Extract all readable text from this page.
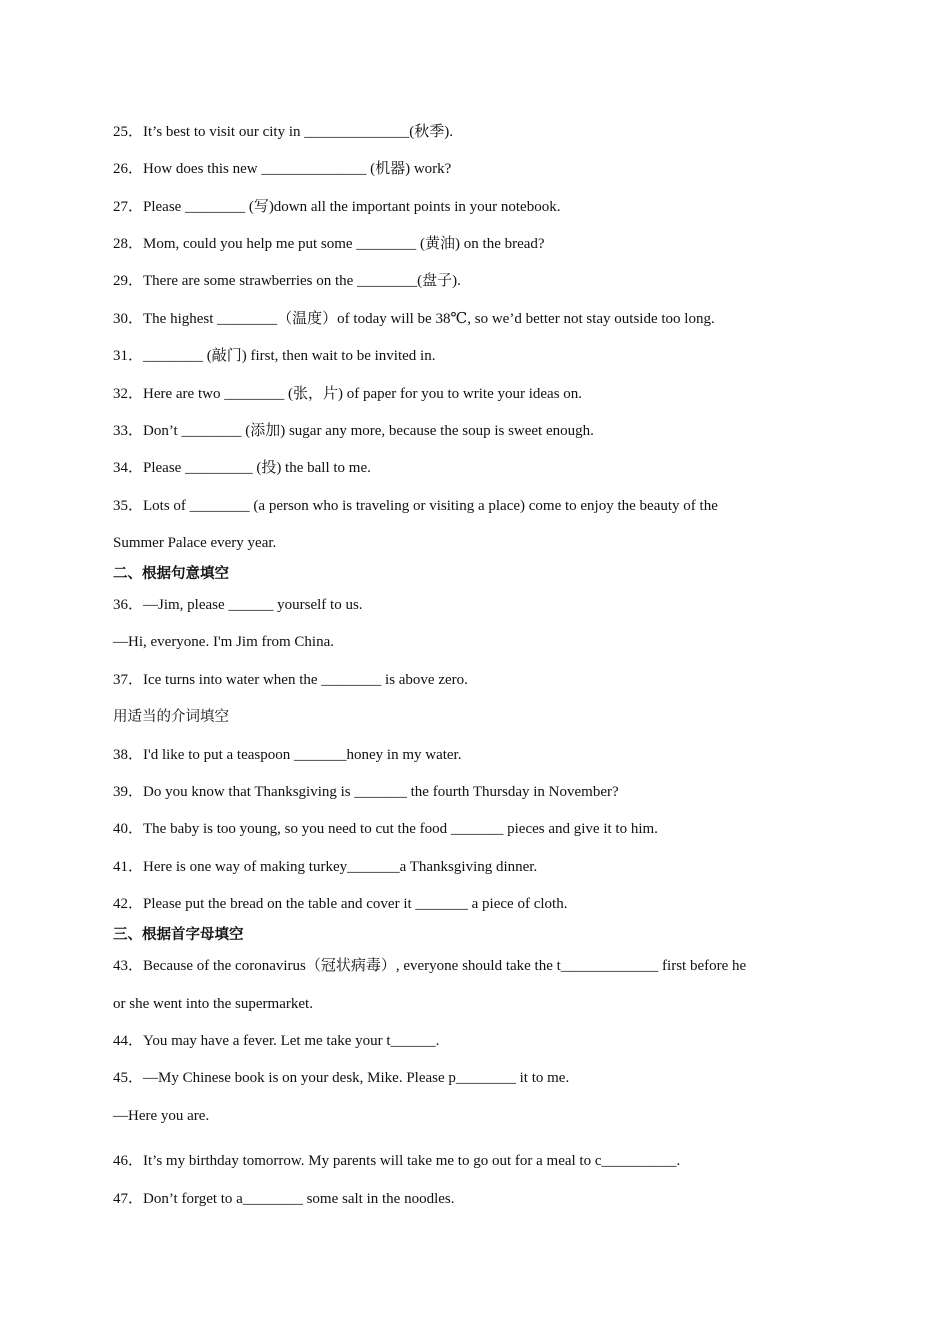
25．It’s best to visit our city in ______________(秋季).
26．How does this new ______________ (机器) work?
27．Please ________ (写)down all the important points in your notebook.
28．Mom, could you help me put some ________ (黄油) on the bread?
29．There are some strawberries on the ________(盘子).
30．The highest ________（温度）of today will be 38℃, so we’d better not stay outside too long.
31．________ (敲门) first, then wait to be invited in.
32．Here are two ________ (张，片) of paper for you to write your ideas on.
33．Don’t ________ (添加) sugar any more, because the soup is sweet enough.
34．Please _________ (投) the ball to me.
35．Lots of ________ (a person who is traveling or visiting a place) come to enjoy the beauty of the
Summer Palace every year.
二、根据句意填空
36．—Jim, please ______ yourself to us.
—Hi, everyone. I'm Jim from China.
37．Ice turns into water when the ________ is above zero.
用适当的介词填空
38．I'd like to put a teaspoon _______honey in my water.
39．Do you know that Thanksgiving is _______ the fourth Thursday in November?
40．The baby is too young, so you need to cut the food _______ pieces and give it to him.
41．Here is one way of making turkey_______a Thanksgiving dinner.
42．Please put the bread on the table and cover it _______ a piece of cloth.
三、根据首字母填空
43．Because of the coronavirus（冠状病毒）, everyone should take the t_____________ first before he
or she went into the supermarket.
44．You may have a fever. Let me take your t______.
45．—My Chinese book is on your desk, Mike. Please p________ it to me.
—Here you are.
46．It’s my birthday tomorrow. My parents will take me to go out for a meal to c__________.
47．Don’t forget to a________ some salt in the noodles.
